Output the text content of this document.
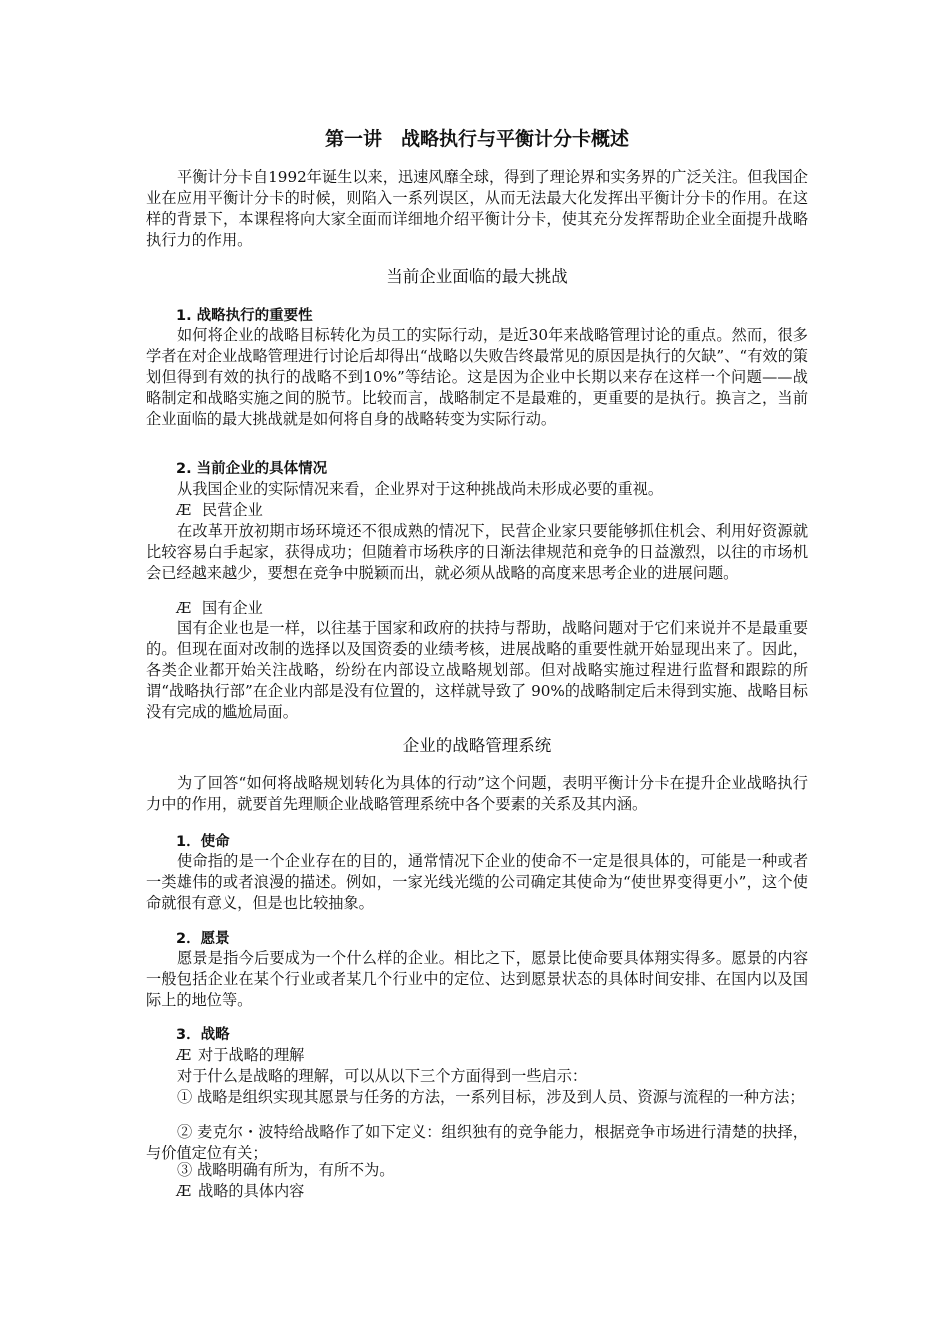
第一讲　战略执行与平衡计分卡概述

平衡计分卡自1992年诞生以来，迅速风靡全球，得到了理论界和实务界的广泛关注。但我国企业在应用平衡计分卡的时候，则陷入一系列误区，从而无法最大化发挥出平衡计分卡的作用。在这样的背景下，本课程将向大家全面而详细地介绍平衡计分卡，使其充分发挥帮助企业全面提升战略执行力的作用。

当前企业面临的最大挑战
1. 战略执行的重要性

如何将企业的战略目标转化为员工的实际行动，是近30年来战略管理讨论的重点。然而，很多学者在对企业战略管理进行讨论后却得出“战略以失败告终最常见的原因是执行的欠缺”、“有效的策划但得到有效的执行的战略不到10%”等结论。这是因为企业中长期以来存在这样一个问题——战略制定和战略实施之间的脱节。比较而言，战略制定不是最难的，更重要的是执行。换言之，当前企业面临的最大挑战就是如何将自身的战略转变为实际行动。

2. 当前企业的具体情况

从我国企业的实际情况来看，企业界对于这种挑战尚未形成必要的重视。

Æ 民营企业

在改革开放初期市场环境还不很成熟的情况下，民营企业家只要能够抓住机会、利用好资源就比较容易白手起家，获得成功；但随着市场秩序的日渐法律规范和竞争的日益激烈，以往的市场机会已经越来越少，要想在竞争中脱颖而出，就必须从战略的高度来思考企业的进展问题。

Æ 国有企业

国有企业也是一样，以往基于国家和政府的扶持与帮助，战略问题对于它们来说并不是最重要的。但现在面对改制的选择以及国资委的业绩考核，进展战略的重要性就开始显现出来了。因此，各类企业都开始关注战略，纷纷在内部设立战略规划部。但对战略实施过程进行监督和跟踪的所谓“战略执行部”在企业内部是没有位置的，这样就导致了 90%的战略制定后未得到实施、战略目标没有完成的尴尬局面。

企业的战略管理系统

为了回答“如何将战略规划转化为具体的行动”这个问题，表明平衡计分卡在提升企业战略执行力中的作用，就要首先理顺企业战略管理系统中各个要素的关系及其内涵。

1．使命

使命指的是一个企业存在的目的，通常情况下企业的使命不一定是很具体的，可能是一种或者一类雄伟的或者浪漫的描述。例如，一家光线光缆的公司确定其使命为“使世界变得更小”，这个使命就很有意义，但是也比较抽象。

2．愿景

愿景是指今后要成为一个什么样的企业。相比之下，愿景比使命要具体翔实得多。愿景的内容一般包括企业在某个行业或者某几个行业中的定位、达到愿景状态的具体时间安排、在国内以及国际上的地位等。

3．战略
Æ 对于战略的理解

对于什么是战略的理解，可以从以下三个方面得到一些启示：

① 战略是组织实现其愿景与任务的方法，一系列目标，涉及到人员、资源与流程的一种方法；

② 麦克尔・波特给战略作了如下定义：组织独有的竞争能力，根据竞争市场进行清楚的抉择，与价值定位有关；

③ 战略明确有所为，有所不为。

Æ 战略的具体内容
